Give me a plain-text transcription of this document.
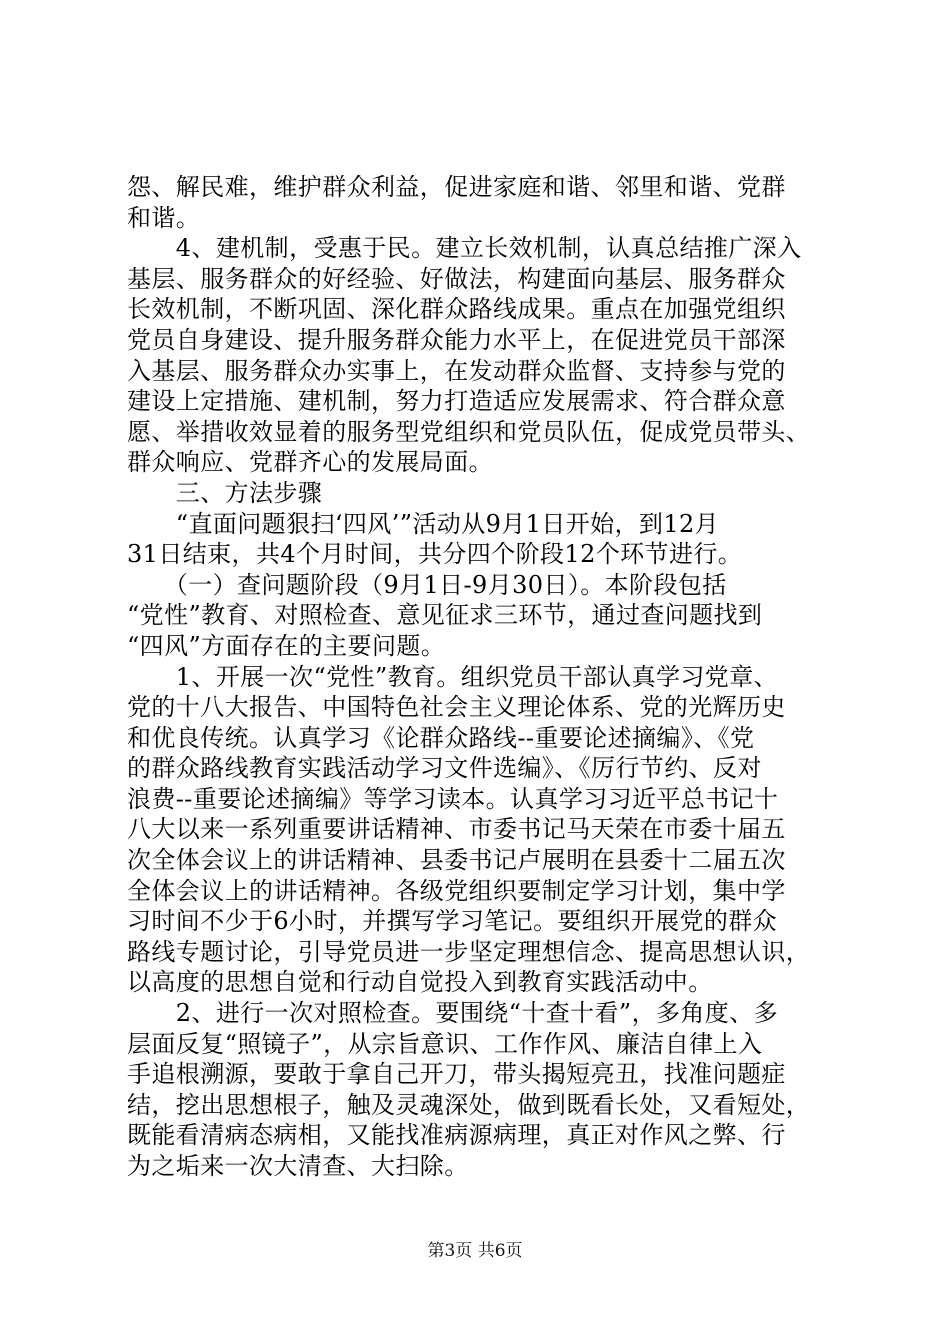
怨、解民难，维护群众利益，促进家庭和谐、邻里和谐、党群
和谐。
　　4、建机制，受惠于民。建立长效机制，认真总结推广深入
基层、服务群众的好经验、好做法，构建面向基层、服务群众
长效机制，不断巩固、深化群众路线成果。重点在加强党组织
党员自身建设、提升服务群众能力水平上，在促进党员干部深
入基层、服务群众办实事上，在发动群众监督、支持参与党的
建设上定措施、建机制，努力打造适应发展需求、符合群众意
愿、举措收效显着的服务型党组织和党员队伍，促成党员带头、
群众响应、党群齐心的发展局面。
　　三、方法步骤
　　“直面问题狠扫‘四风’”活动从9月1日开始，到12月
31日结束，共4个月时间，共分四个阶段12个环节进行。
　　（一）查问题阶段（9月1日-9月30日）。本阶段包括
“党性”教育、对照检查、意见征求三环节，通过查问题找到
“四风”方面存在的主要问题。
　　1、开展一次“党性”教育。组织党员干部认真学习党章、
党的十八大报告、中国特色社会主义理论体系、党的光辉历史
和优良传统。认真学习《论群众路线--重要论述摘编》、《党
的群众路线教育实践活动学习文件选编》、《厉行节约、反对
浪费--重要论述摘编》等学习读本。认真学习习近平总书记十
八大以来一系列重要讲话精神、市委书记马天荣在市委十届五
次全体会议上的讲话精神、县委书记卢展明在县委十二届五次
全体会议上的讲话精神。各级党组织要制定学习计划，集中学
习时间不少于6小时，并撰写学习笔记。要组织开展党的群众
路线专题讨论，引导党员进一步坚定理想信念、提高思想认识，
以高度的思想自觉和行动自觉投入到教育实践活动中。
　　2、进行一次对照检查。要围绕“十查十看”，多角度、多
层面反复“照镜子”，从宗旨意识、工作作风、廉洁自律上入
手追根溯源，要敢于拿自己开刀，带头揭短亮丑，找准问题症
结，挖出思想根子，触及灵魂深处，做到既看长处，又看短处，
既能看清病态病相，又能找准病源病理，真正对作风之弊、行
为之垢来一次大清查、大扫除。
第3页 共6页
